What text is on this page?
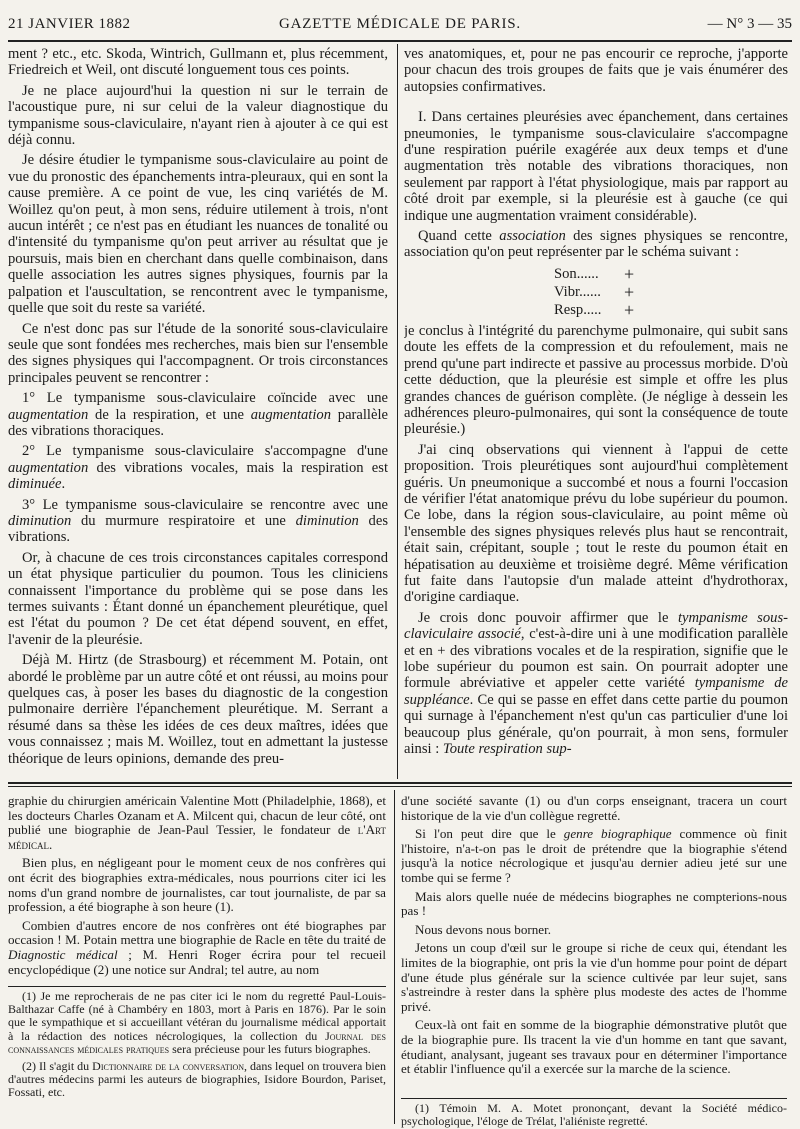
21 JANVIER 1882	GAZETTE MÉDICALE DE PARIS.	— N° 3 — 35

ment ? etc., etc. Skoda, Wintrich, Gullmann et, plus récemment, Friedreich et Weil, ont discuté longuement tous ces points.

Je ne place aujourd'hui la question ni sur le terrain de l'acoustique pure, ni sur celui de la valeur diagnostique du tympanisme sous-claviculaire, n'ayant rien à ajouter à ce qui est déjà connu.

Je désire étudier le tympanisme sous-claviculaire au point de vue du pronostic des épanchements intra-pleuraux, qui en sont la cause première. A ce point de vue, les cinq variétés de M. Woillez qu'on peut, à mon sens, réduire utilement à trois, n'ont aucun intérêt ; ce n'est pas en étudiant les nuances de tonalité ou d'intensité du tympanisme qu'on peut arriver au résultat que je poursuis, mais bien en cherchant dans quelle combinaison, dans quelle association les autres signes physiques, fournis par la palpation et l'auscultation, se rencontrent avec le tympanisme, quelle que soit du reste sa variété.

Ce n'est donc pas sur l'étude de la sonorité sous-claviculaire seule que sont fondées mes recherches, mais bien sur l'ensemble des signes physiques qui l'accompagnent. Or trois circonstances principales peuvent se rencontrer :

1° Le tympanisme sous-claviculaire coïncide avec une augmentation de la respiration, et une augmentation parallèle des vibrations thoraciques.

2° Le tympanisme sous-claviculaire s'accompagne d'une augmentation des vibrations vocales, mais la respiration est diminuée.

3° Le tympanisme sous-claviculaire se rencontre avec une diminution du murmure respiratoire et une diminution des vibrations.

Or, à chacune de ces trois circonstances capitales correspond un état physique particulier du poumon. Tous les cliniciens connaissent l'importance du problème qui se pose dans les termes suivants : Étant donné un épanchement pleurétique, quel est l'état du poumon ? De cet état dépend souvent, en effet, l'avenir de la pleurésie.

Déjà M. Hirtz (de Strasbourg) et récemment M. Potain, ont abordé le problème par un autre côté et ont réussi, au moins pour quelques cas, à poser les bases du diagnostic de la congestion pulmonaire derrière l'épanchement pleurétique. M. Serrant a résumé dans sa thèse les idées de ces deux maîtres, idées que vous connaissez ; mais M. Woillez, tout en admettant la justesse théorique de leurs opinions, demande des preu-

ves anatomiques, et, pour ne pas encourir ce reproche, j'apporte pour chacun des trois groupes de faits que je vais énumérer des autopsies confirmatives.

I. Dans certaines pleurésies avec épanchement, dans certaines pneumonies, le tympanisme sous-claviculaire s'accompagne d'une respiration puérile exagérée aux deux temps et d'une augmentation très notable des vibrations thoraciques, non seulement par rapport à l'état physiologique, mais par rapport au côté droit par exemple, si la pleurésie est à gauche (ce qui indique une augmentation vraiment considérable).

Quand cette association des signes physiques se rencontre, association qu'on peut représenter par le schéma suivant :

Son......	+
Vibr......	+
Resp.....	+

je conclus à l'intégrité du parenchyme pulmonaire, qui subit sans doute les effets de la compression et du refoulement, mais ne prend qu'une part indirecte et passive au processus morbide. D'où cette déduction, que la pleurésie est simple et offre les plus grandes chances de guérison complète. (Je néglige à dessein les adhérences pleuro-pulmonaires, qui sont la conséquence de toute pleurésie.)

J'ai cinq observations qui viennent à l'appui de cette proposition. Trois pleurétiques sont aujourd'hui complètement guéris. Un pneumonique a succombé et nous a fourni l'occasion de vérifier l'état anatomique prévu du lobe supérieur du poumon. Ce lobe, dans la région sous-claviculaire, au point même où l'ensemble des signes physiques relevés plus haut se rencontrait, était sain, crépitant, souple ; tout le reste du poumon était en hépatisation au deuxième et troisième degré. Même vérification fut faite dans l'autopsie d'un malade atteint d'hydrothorax, d'origine cardiaque.

Je crois donc pouvoir affirmer que le tympanisme sous-claviculaire associé, c'est-à-dire uni à une modification parallèle et en + des vibrations vocales et de la respiration, signifie que le lobe supérieur du poumon est sain. On pourrait adopter une formule abréviative et appeler cette variété tympanisme de suppléance. Ce qui se passe en effet dans cette partie du poumon qui surnage à l'épanchement n'est qu'un cas particulier d'une loi beaucoup plus générale, qu'on pourrait, à mon sens, formuler ainsi : Toute respiration sup-

graphie du chirurgien américain Valentine Mott (Philadelphie, 1868), et les docteurs Charles Ozanam et A. Milcent qui, chacun de leur côté, ont publié une biographie de Jean-Paul Tessier, le fondateur de l'Art médical.

Bien plus, en négligeant pour le moment ceux de nos confrères qui ont écrit des biographies extra-médicales, nous pourrions citer ici les noms d'un grand nombre de journalistes, car tout journaliste, de par sa profession, a été biographe à son heure (1).

Combien d'autres encore de nos confrères ont été biographes par occasion ! M. Potain mettra une biographie de Racle en tête du traité de Diagnostic médical ; M. Henri Roger écrira pour tel recueil encyclopédique (2) une notice sur Andral; tel autre, au nom

(1) Je me reprocherais de ne pas citer ici le nom du regretté Paul-Louis-Balthazar Caffe (né à Chambéry en 1803, mort à Paris en 1876). Par le soin que le sympathique et si accueillant vétéran du journalisme médical apportait à la rédaction des notices nécrologiques, la collection du Journal des connaissances médicales pratiques sera précieuse pour les futurs biographes.

(2) Il s'agit du Dictionnaire de la conversation, dans lequel on trouvera bien d'autres médecins parmi les auteurs de biographies, Isidore Bourdon, Pariset, Fossati, etc.

d'une société savante (1) ou d'un corps enseignant, tracera un court historique de la vie d'un collègue regretté.

Si l'on peut dire que le genre biographique commence où finit l'histoire, n'a-t-on pas le droit de prétendre que la biographie s'étend jusqu'à la notice nécrologique et jusqu'au dernier adieu jeté sur une tombe qui se ferme ?

Mais alors quelle nuée de médecins biographes ne compterions-nous pas !

Nous devons nous borner.

Jetons un coup d'œil sur le groupe si riche de ceux qui, étendant les limites de la biographie, ont pris la vie d'un homme pour point de départ d'une étude plus générale sur la science cultivée par leur sujet, sans s'astreindre à rester dans la sphère plus modeste des actes de l'homme privé.

Ceux-là ont fait en somme de la biographie démonstrative plutôt que de la biographie pure. Ils tracent la vie d'un homme en tant que savant, étudiant, analysant, jugeant ses travaux pour en déterminer l'importance et établir l'influence qu'il a exercée sur la marche de la science.

(1) Témoin M. A. Motet prononçant, devant la Société médico-psychologique, l'éloge de Trélat, l'aliéniste regretté.
